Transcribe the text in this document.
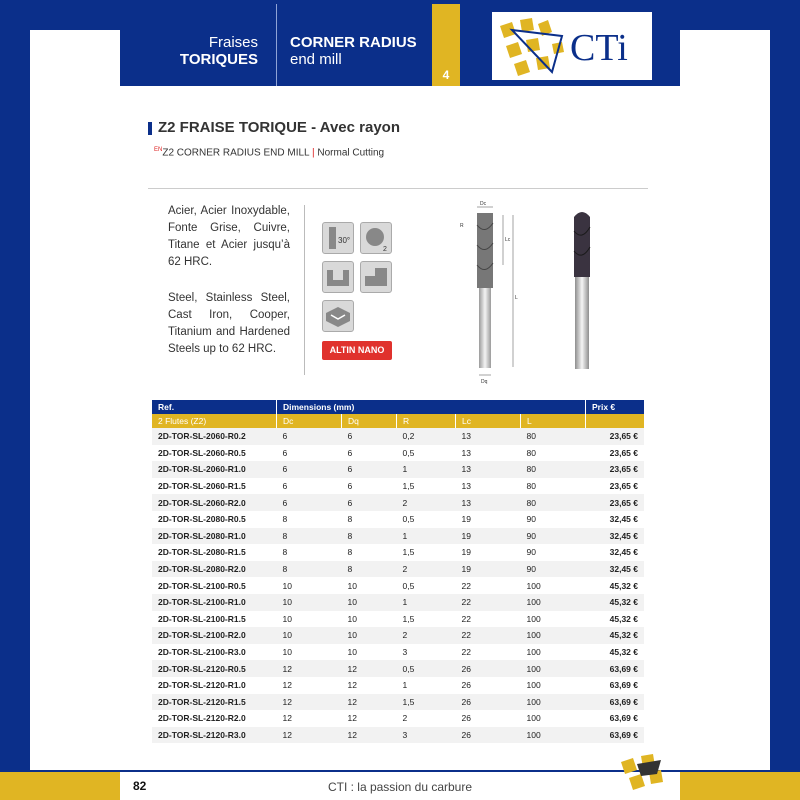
Fraises
TORIQUES
CORNER RADIUS
end mill
4
CTi
Z2 FRAISE TORIQUE - Avec rayon
$^{EN}$Z2 CORNER RADIUS END MILL | Normal Cutting
Acier, Acier Inoxydable, Fonte Grise, Cuivre, Titane et Acier jusqu’à 62 HRC.
Steel, Stainless Steel, Cast Iron, Cooper, Titanium and Hardened Steels up to 62 HRC.
30°
2
ALTIN NANO
Dc
R
Lc
L
Dq
Ref.	Dimensions (mm)					Prix €
2 Flutes (Z2)	Dc	Dq	R	Lc	L	
2D-TOR-SL-2060-R0.2	6	6	0,2	13	80	23,65 €
2D-TOR-SL-2060-R0.5	6	6	0,5	13	80	23,65 €
2D-TOR-SL-2060-R1.0	6	6	1	13	80	23,65 €
2D-TOR-SL-2060-R1.5	6	6	1,5	13	80	23,65 €
2D-TOR-SL-2060-R2.0	6	6	2	13	80	23,65 €
2D-TOR-SL-2080-R0.5	8	8	0,5	19	90	32,45 €
2D-TOR-SL-2080-R1.0	8	8	1	19	90	32,45 €
2D-TOR-SL-2080-R1.5	8	8	1,5	19	90	32,45 €
2D-TOR-SL-2080-R2.0	8	8	2	19	90	32,45 €
2D-TOR-SL-2100-R0.5	10	10	0,5	22	100	45,32 €
2D-TOR-SL-2100-R1.0	10	10	1	22	100	45,32 €
2D-TOR-SL-2100-R1.5	10	10	1,5	22	100	45,32 €
2D-TOR-SL-2100-R2.0	10	10	2	22	100	45,32 €
2D-TOR-SL-2100-R3.0	10	10	3	22	100	45,32 €
2D-TOR-SL-2120-R0.5	12	12	0,5	26	100	63,69 €
2D-TOR-SL-2120-R1.0	12	12	1	26	100	63,69 €
2D-TOR-SL-2120-R1.5	12	12	1,5	26	100	63,69 €
2D-TOR-SL-2120-R2.0	12	12	2	26	100	63,69 €
2D-TOR-SL-2120-R3.0	12	12	3	26	100	63,69 €
82	CTI : la passion du carbure
